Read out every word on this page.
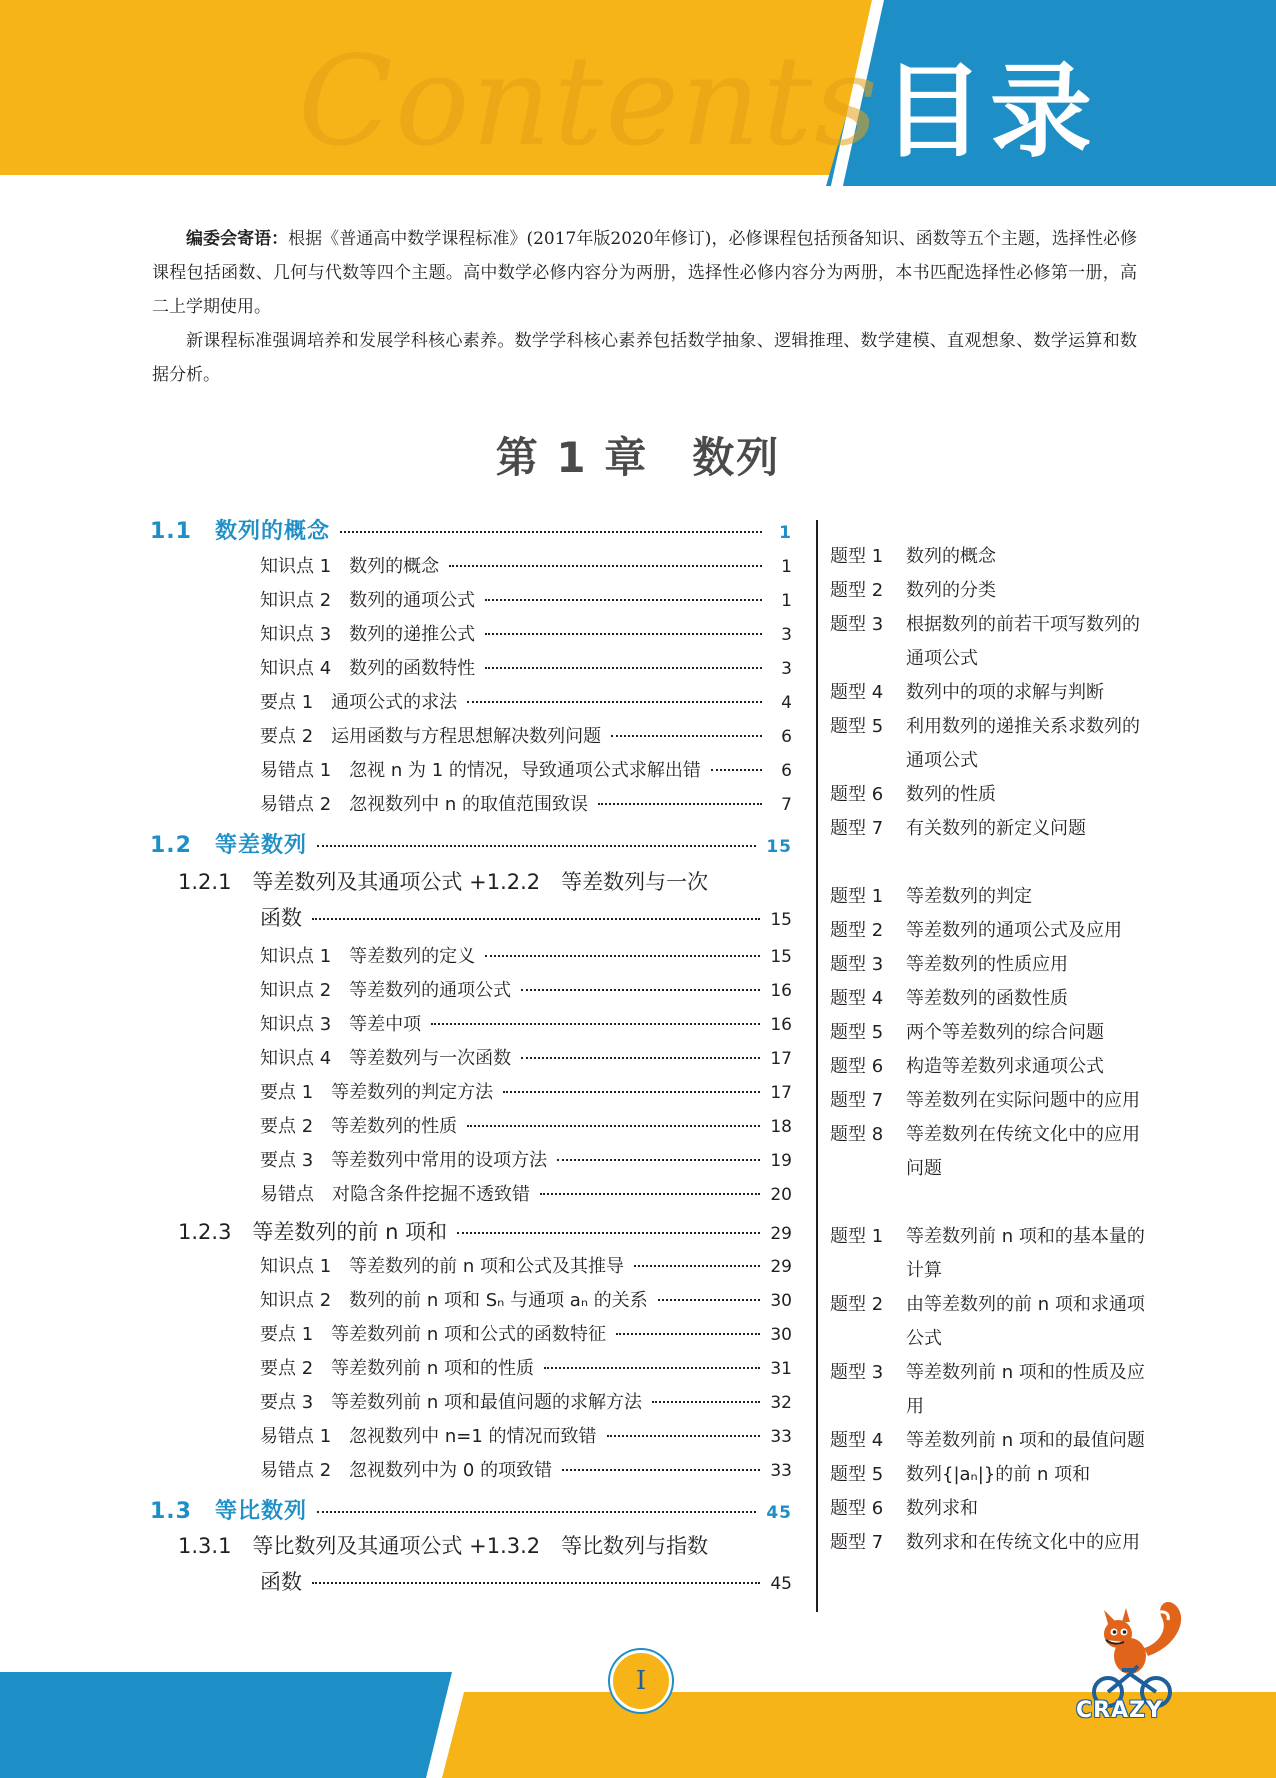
Contents 目录

编委会寄语：根据《普通高中数学课程标准》(2017年版2020年修订)，必修课程包括预备知识、函数等五个主题，选择性必修课程包括函数、几何与代数等四个主题。高中数学必修内容分为两册，选择性必修内容分为两册，本书匹配选择性必修第一册，高二上学期使用。

新课程标准强调培养和发展学科核心素养。数学学科核心素养包括数学抽象、逻辑推理、数学建模、直观想象、数学运算和数据分析。

第 1 章　数列
1.1　数列的概念	1
知识点 1　数列的概念	1
知识点 2　数列的通项公式	1
知识点 3　数列的递推公式	3
知识点 4　数列的函数特性	3
要点 1　通项公式的求法	4
要点 2　运用函数与方程思想解决数列问题	6
易错点 1　忽视 n 为 1 的情况，导致通项公式求解出错	6
易错点 2　忽视数列中 n 的取值范围致误	7
1.2　等差数列	15
1.2.1　等差数列及其通项公式 +1.2.2　等差数列与一次
函数	15
知识点 1　等差数列的定义	15
知识点 2　等差数列的通项公式	16
知识点 3　等差中项	16
知识点 4　等差数列与一次函数	17
要点 1　等差数列的判定方法	17
要点 2　等差数列的性质	18
要点 3　等差数列中常用的设项方法	19
易错点　对隐含条件挖掘不透致错	20
1.2.3　等差数列的前 n 项和	29
知识点 1　等差数列的前 n 项和公式及其推导	29
知识点 2　数列的前 n 项和 Sₙ 与通项 aₙ 的关系	30
要点 1　等差数列前 n 项和公式的函数特征	30
要点 2　等差数列前 n 项和的性质	31
要点 3　等差数列前 n 项和最值问题的求解方法	32
易错点 1　忽视数列中 n=1 的情况而致错	33
易错点 2　忽视数列中为 0 的项致错	33
1.3　等比数列	45
1.3.1　等比数列及其通项公式 +1.3.2　等比数列与指数
函数	45
题型 1 数列的概念
题型 2 数列的分类
题型 3 根据数列的前若干项写数列的通项公式
题型 4 数列中的项的求解与判断
题型 5 利用数列的递推关系求数列的通项公式
题型 6 数列的性质
题型 7 有关数列的新定义问题
题型 1 等差数列的判定
题型 2 等差数列的通项公式及应用
题型 3 等差数列的性质应用
题型 4 等差数列的函数性质
题型 5 两个等差数列的综合问题
题型 6 构造等差数列求通项公式
题型 7 等差数列在实际问题中的应用
题型 8 等差数列在传统文化中的应用问题
题型 1 等差数列前 n 项和的基本量的计算
题型 2 由等差数列的前 n 项和求通项公式
题型 3 等差数列前 n 项和的性质及应用
题型 4 等差数列前 n 项和的最值问题
题型 5 数列{|aₙ|}的前 n 项和
题型 6 数列求和
题型 7 数列求和在传统文化中的应用
I
CRAZY
